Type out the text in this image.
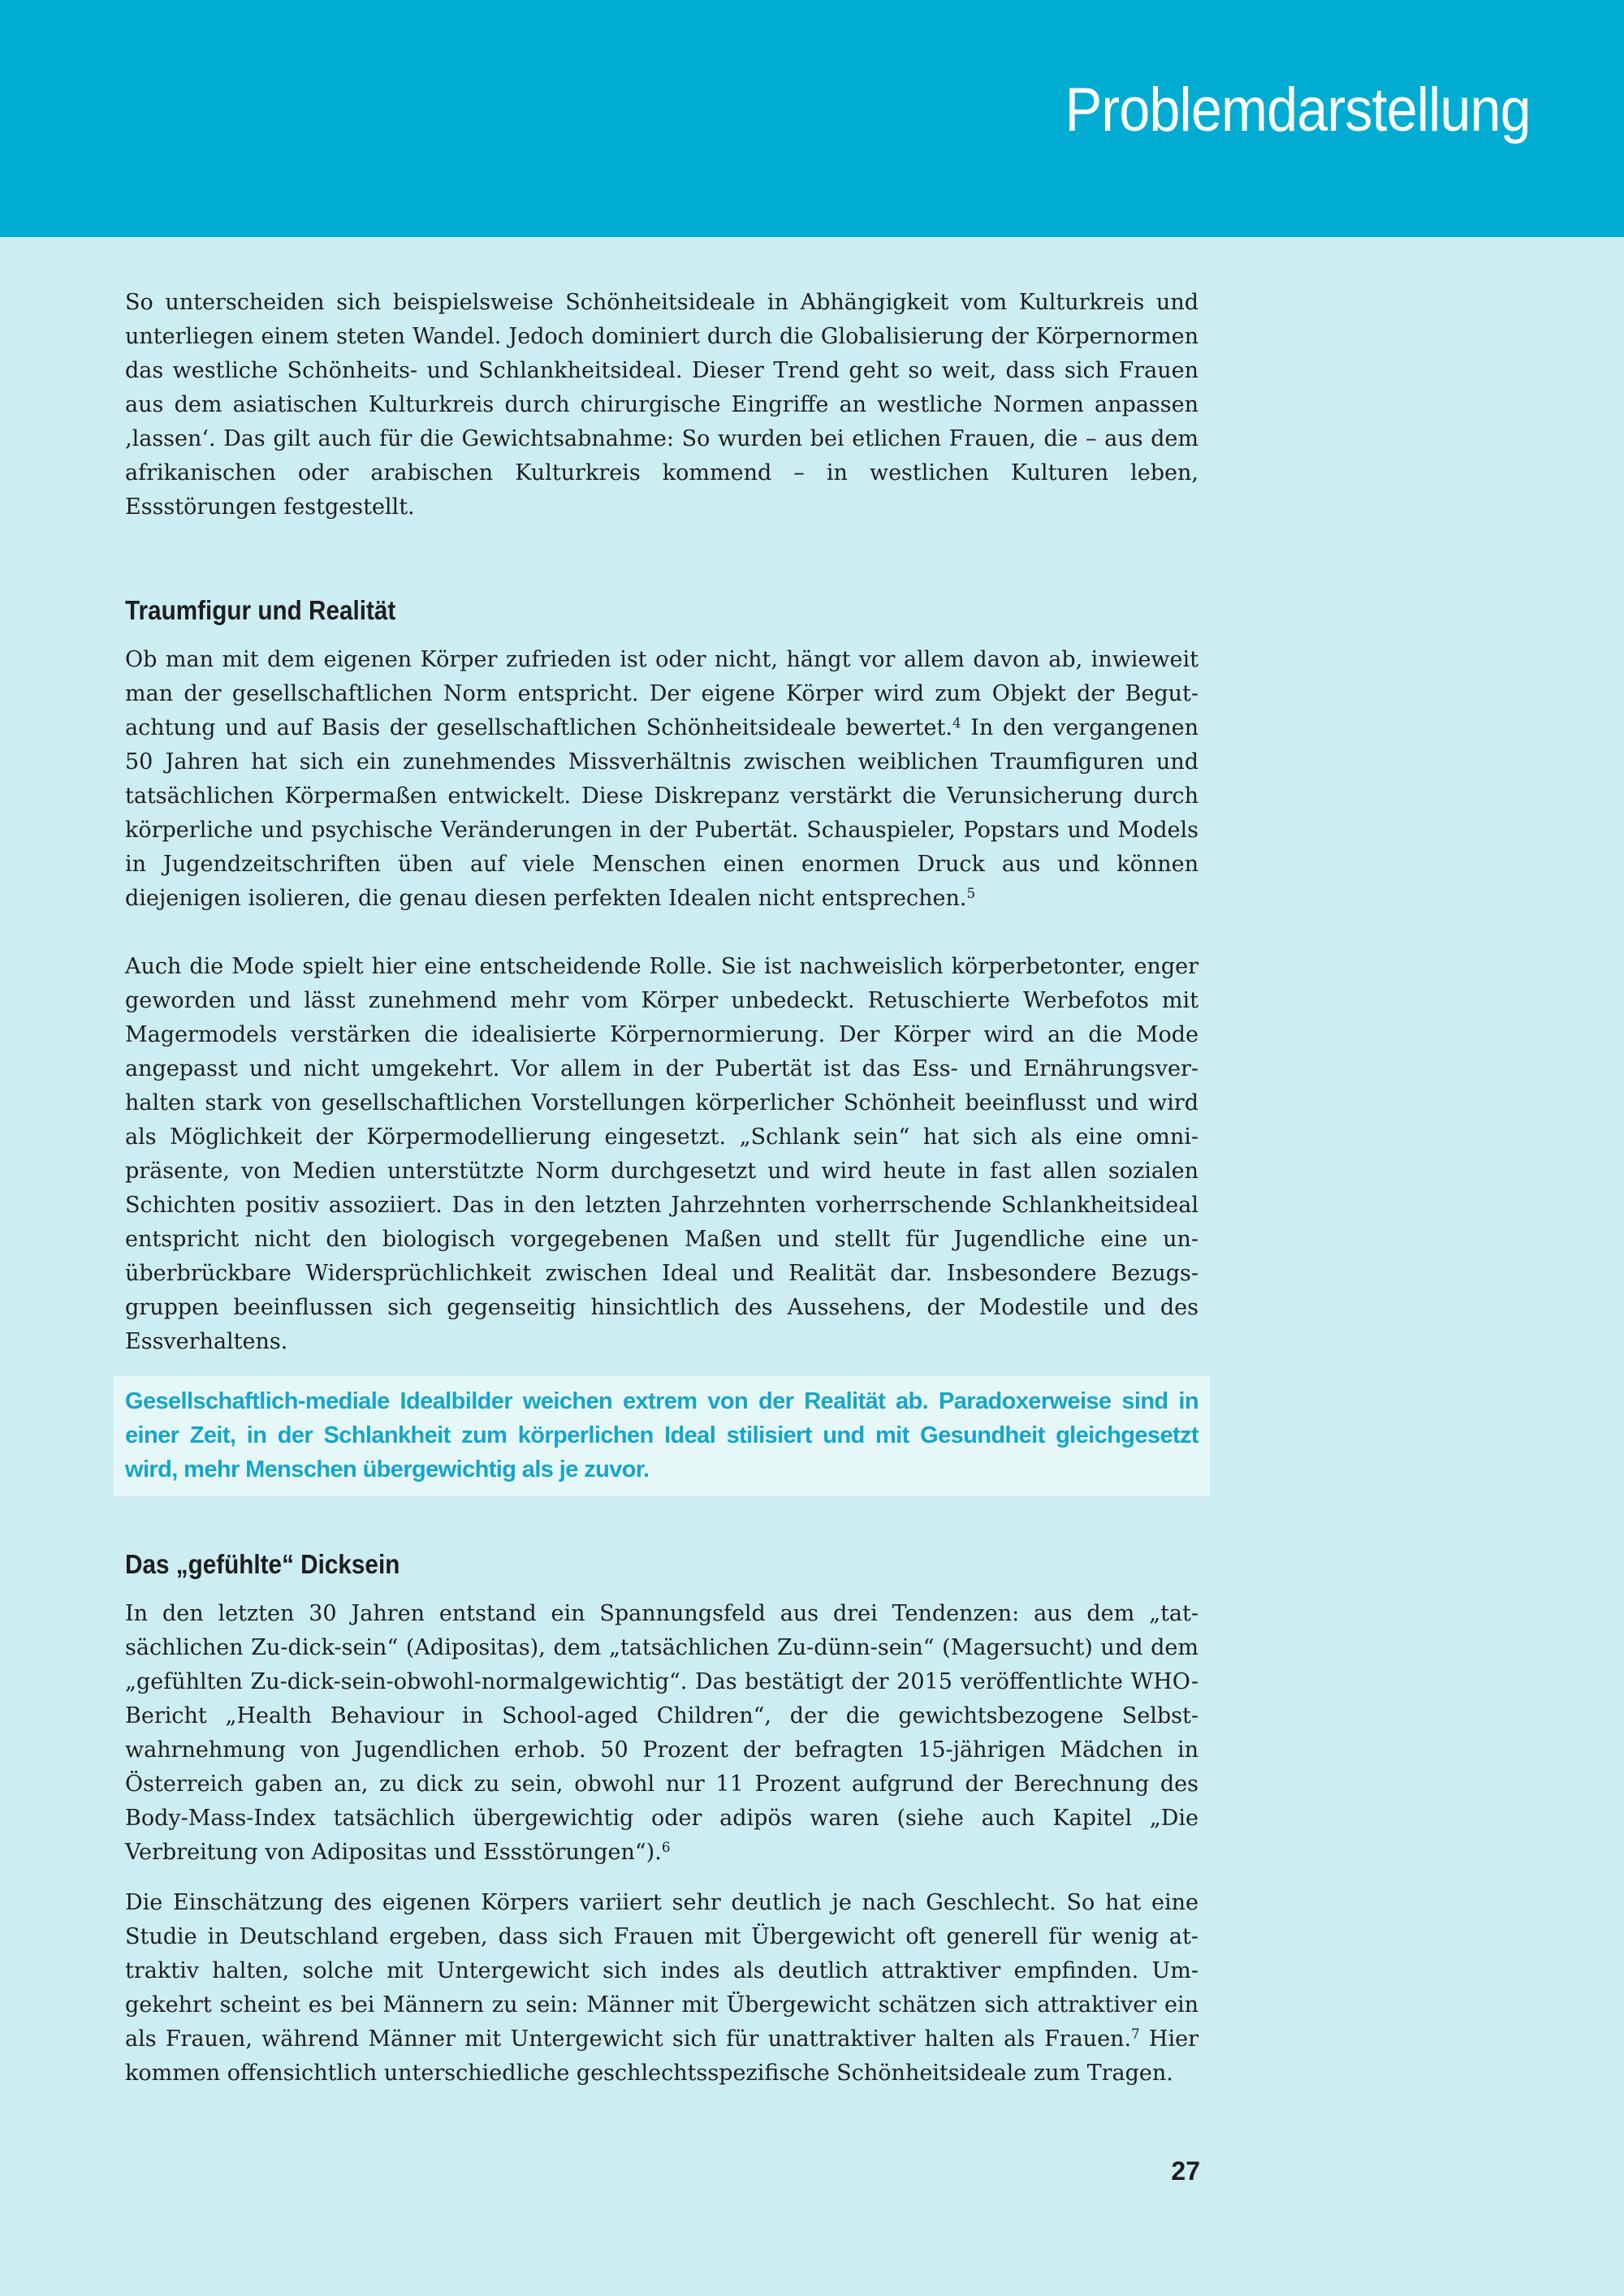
Problemdarstellung

So unterscheiden sich beispielsweise Schönheitsideale in Abhängigkeit vom Kulturkreis und unterliegen einem steten Wandel. Jedoch dominiert durch die Globalisierung der Körpernormen das westliche Schönheits- und Schlankheitsideal. Dieser Trend geht so weit, dass sich Frauen aus dem asiatischen Kulturkreis durch chirurgische Eingriffe an westliche Normen anpassen ‚lassen‘. Das gilt auch für die Gewichtsabnahme: So wurden bei etlichen Frauen, die – aus dem afrikanischen oder arabischen Kulturkreis kommend – in westlichen Kulturen leben, Essstörungen festgestellt.

Traumfigur und Realität

Ob man mit dem eigenen Körper zufrieden ist oder nicht, hängt vor allem davon ab, inwieweit man der gesellschaftlichen Norm entspricht. Der eigene Körper wird zum Objekt der Begutachtung und auf Basis der gesellschaftlichen Schönheitsideale bewertet.$^4$ In den vergangenen 50 Jahren hat sich ein zunehmendes Missverhältnis zwischen weiblichen Traumfiguren und tatsächlichen Körpermaßen entwickelt. Diese Diskrepanz verstärkt die Verunsicherung durch körperliche und psychische Veränderungen in der Pubertät. Schauspieler, Popstars und Models in Jugendzeitschriften üben auf viele Menschen einen enormen Druck aus und können diejenigen isolieren, die genau diesen perfekten Idealen nicht entsprechen.$^5$

Auch die Mode spielt hier eine entscheidende Rolle. Sie ist nachweislich körperbetonter, enger geworden und lässt zunehmend mehr vom Körper unbedeckt. Retuschierte Werbefotos mit Magermodels verstärken die idealisierte Körpernormierung. Der Körper wird an die Mode angepasst und nicht umgekehrt. Vor allem in der Pubertät ist das Ess- und Ernährungsverhalten stark von gesellschaftlichen Vorstellungen körperlicher Schönheit beeinflusst und wird als Möglichkeit der Körpermodellierung eingesetzt. „Schlank sein“ hat sich als eine omnipräsente, von Medien unterstützte Norm durchgesetzt und wird heute in fast allen sozialen Schichten positiv assoziiert. Das in den letzten Jahrzehnten vorherrschende Schlankheitsideal entspricht nicht den biologisch vorgegebenen Maßen und stellt für Jugendliche eine unüberbrückbare Widersprüchlichkeit zwischen Ideal und Realität dar. Insbesondere Bezugsgruppen beeinflussen sich gegenseitig hinsichtlich des Aussehens, der Modestile und des Essverhaltens.

Gesellschaftlich-mediale Idealbilder weichen extrem von der Realität ab. Paradoxerweise sind in einer Zeit, in der Schlankheit zum körperlichen Ideal stilisiert und mit Gesundheit gleichgesetzt wird, mehr Menschen übergewichtig als je zuvor.

Das „gefühlte“ Dicksein

In den letzten 30 Jahren entstand ein Spannungsfeld aus drei Tendenzen: aus dem „tatsächlichen Zu-dick-sein“ (Adipositas), dem „tatsächlichen Zu-dünn-sein“ (Magersucht) und dem „gefühlten Zu-dick-sein-obwohl-normalgewichtig“. Das bestätigt der 2015 veröffentlichte WHO-Bericht „Health Behaviour in School-aged Children“, der die gewichtsbezogene Selbstwahrnehmung von Jugendlichen erhob. 50 Prozent der befragten 15-jährigen Mädchen in Österreich gaben an, zu dick zu sein, obwohl nur 11 Prozent aufgrund der Berechnung des Body-Mass-Index tatsächlich übergewichtig oder adipös waren (siehe auch Kapitel „Die Verbreitung von Adipositas und Essstörungen“).$^6$

Die Einschätzung des eigenen Körpers variiert sehr deutlich je nach Geschlecht. So hat eine Studie in Deutschland ergeben, dass sich Frauen mit Übergewicht oft generell für wenig attraktiv halten, solche mit Untergewicht sich indes als deutlich attraktiver empfinden. Umgekehrt scheint es bei Männern zu sein: Männer mit Übergewicht schätzen sich attraktiver ein als Frauen, während Männer mit Untergewicht sich für unattraktiver halten als Frauen.$^7$ Hier kommen offensichtlich unterschiedliche geschlechtsspezifische Schönheitsideale zum Tragen.

27
